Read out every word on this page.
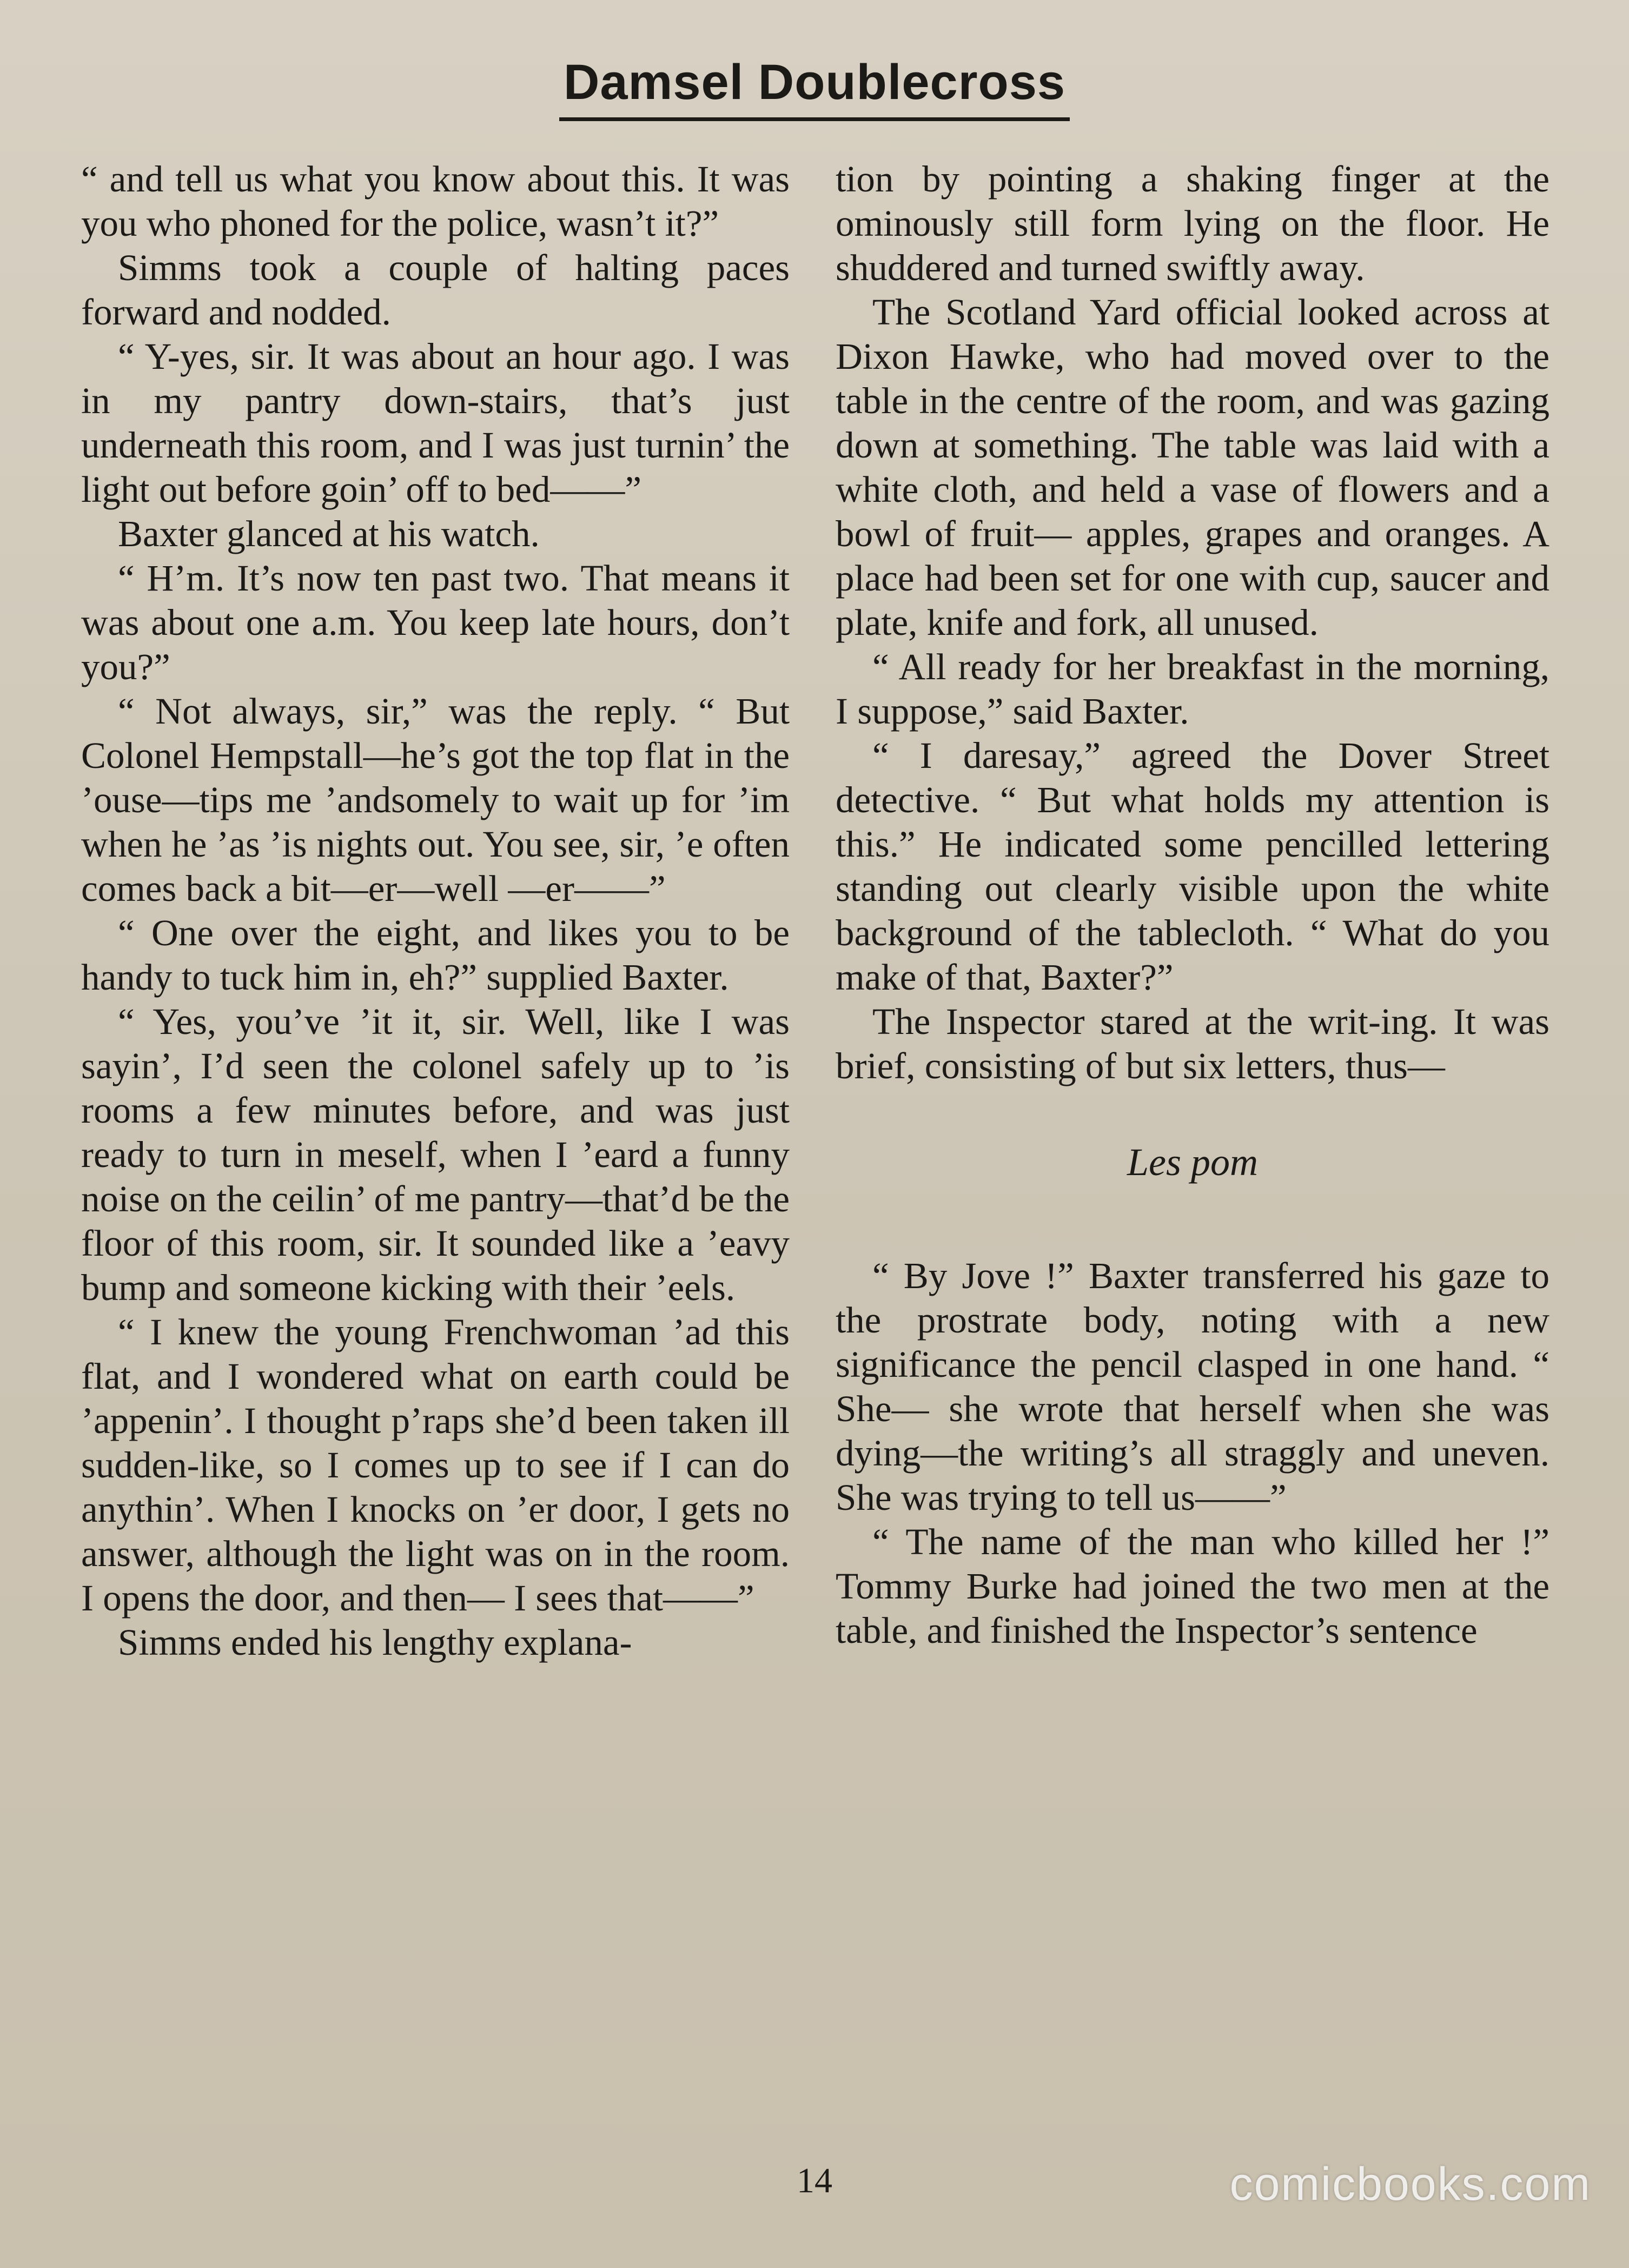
Damsel Doublecross

“ and tell us what you know about this. It was you who phoned for the police, wasn’t it?”

Simms took a couple of halting paces forward and nodded.

“ Y-yes, sir. It was about an hour ago. I was in my pantry down-stairs, that’s just underneath this room, and I was just turnin’ the light out before goin’ off to bed——”

Baxter glanced at his watch.

“ H’m. It’s now ten past two. That means it was about one a.m. You keep late hours, don’t you?”

“ Not always, sir,” was the reply. “ But Colonel Hempstall—he’s got the top flat in the ’ouse—tips me ’andsomely to wait up for ’im when he ’as ’is nights out. You see, sir, ’e often comes back a bit—er—well —er——”

“ One over the eight, and likes you to be handy to tuck him in, eh?” supplied Baxter.

“ Yes, you’ve ’it it, sir. Well, like I was sayin’, I’d seen the colonel safely up to ’is rooms a few minutes before, and was just ready to turn in meself, when I ’eard a funny noise on the ceilin’ of me pantry—that’d be the floor of this room, sir. It sounded like a ’eavy bump and someone kicking with their ’eels.

“ I knew the young Frenchwoman ’ad this flat, and I wondered what on earth could be ’appenin’. I thought p’raps she’d been taken ill sudden-like, so I comes up to see if I can do anythin’. When I knocks on ’er door, I gets no answer, although the light was on in the room. I opens the door, and then— I sees that——”

Simms ended his lengthy explana-

tion by pointing a shaking finger at the ominously still form lying on the floor. He shuddered and turned swiftly away.

The Scotland Yard official looked across at Dixon Hawke, who had moved over to the table in the centre of the room, and was gazing down at something. The table was laid with a white cloth, and held a vase of flowers and a bowl of fruit— apples, grapes and oranges. A place had been set for one with cup, saucer and plate, knife and fork, all unused.

“ All ready for her breakfast in the morning, I suppose,” said Baxter.

“ I daresay,” agreed the Dover Street detective. “ But what holds my attention is this.” He indicated some pencilled lettering standing out clearly visible upon the white background of the tablecloth. “ What do you make of that, Baxter?”

The Inspector stared at the writ-ing. It was brief, consisting of but six letters, thus—

Les pom

“ By Jove !” Baxter transferred his gaze to the prostrate body, noting with a new significance the pencil clasped in one hand. “ She— she wrote that herself when she was dying—the writing’s all straggly and uneven. She was trying to tell us——”

“ The name of the man who killed her !” Tommy Burke had joined the two men at the table, and finished the Inspector’s sentence

14	comicbooks.com
